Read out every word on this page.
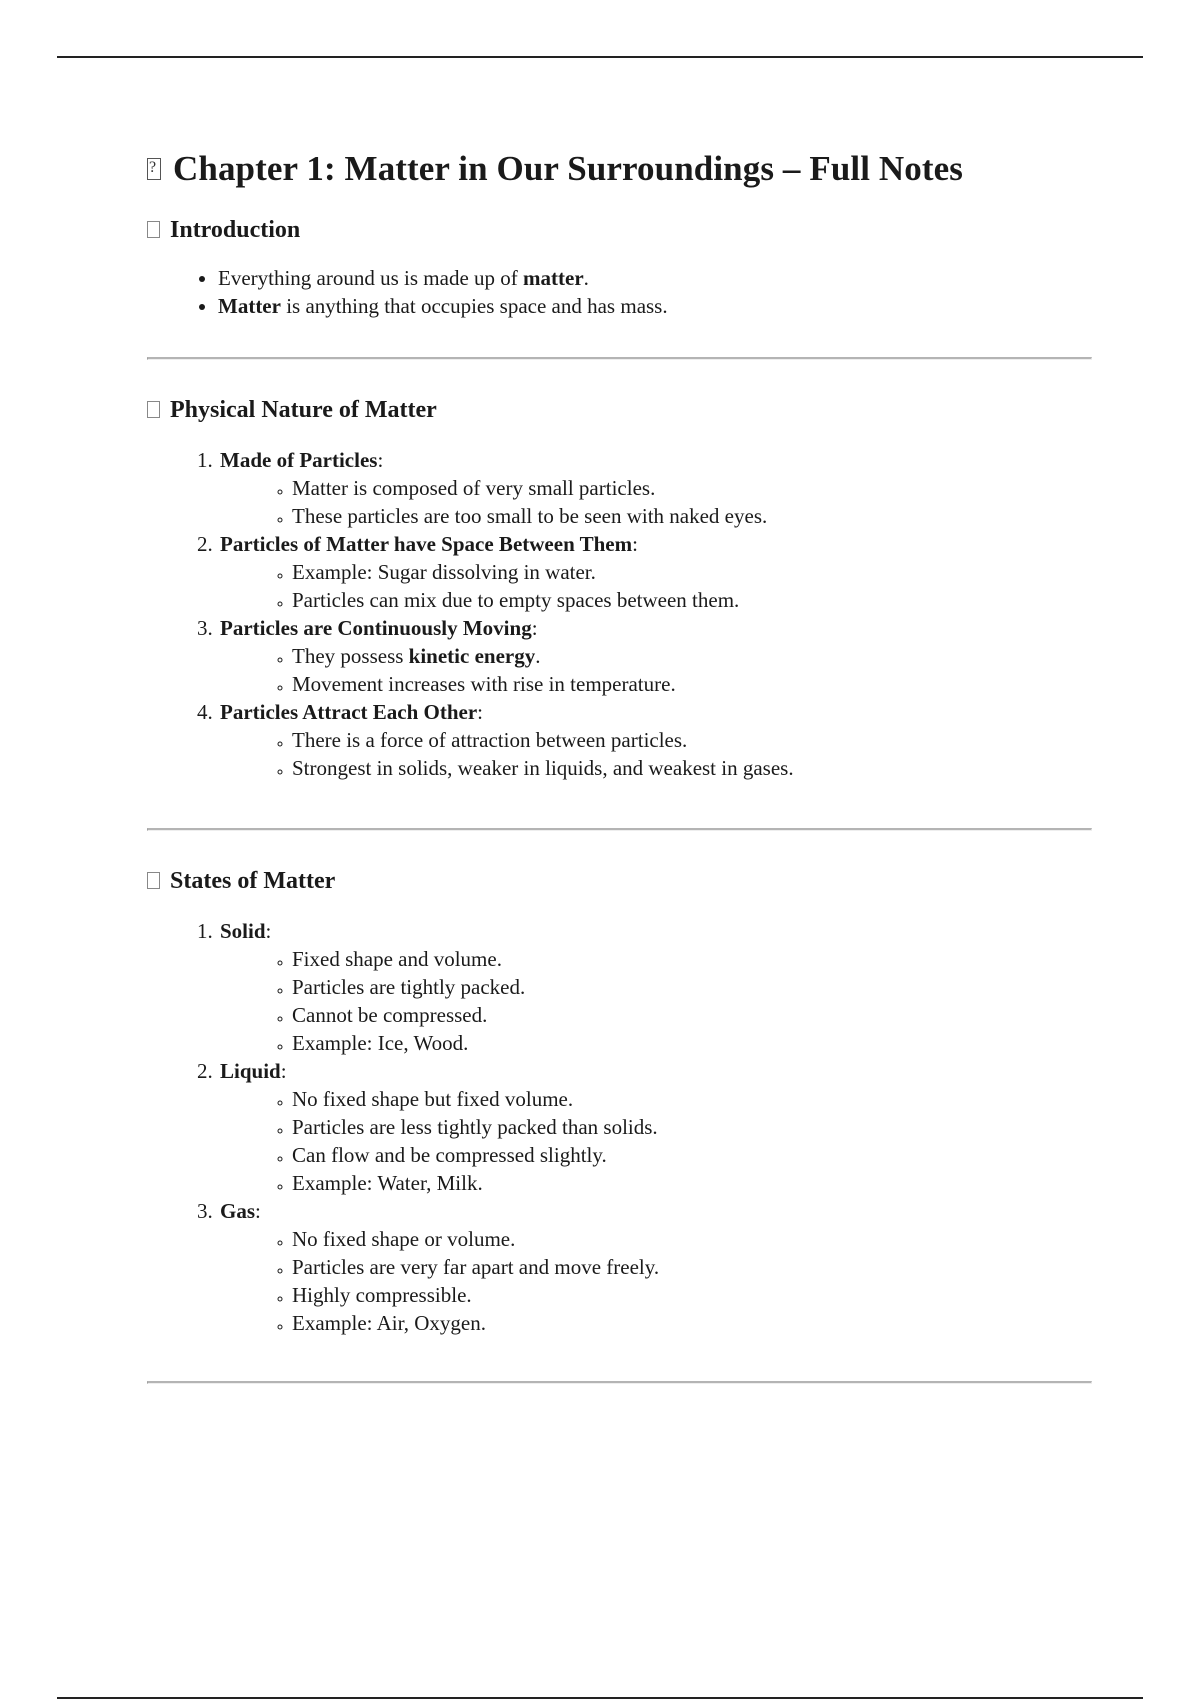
?Chapter 1: Matter in Our Surroundings – Full Notes
Introduction
• Everything around us is made up of matter.
• Matter is anything that occupies space and has mass.
Physical Nature of Matter
1. Made of Particles:
◦ Matter is composed of very small particles.
◦ These particles are too small to be seen with naked eyes.
2. Particles of Matter have Space Between Them:
◦ Example: Sugar dissolving in water.
◦ Particles can mix due to empty spaces between them.
3. Particles are Continuously Moving:
◦ They possess kinetic energy.
◦ Movement increases with rise in temperature.
4. Particles Attract Each Other:
◦ There is a force of attraction between particles.
◦ Strongest in solids, weaker in liquids, and weakest in gases.
States of Matter
1. Solid:
◦ Fixed shape and volume.
◦ Particles are tightly packed.
◦ Cannot be compressed.
◦ Example: Ice, Wood.
2. Liquid:
◦ No fixed shape but fixed volume.
◦ Particles are less tightly packed than solids.
◦ Can flow and be compressed slightly.
◦ Example: Water, Milk.
3. Gas:
◦ No fixed shape or volume.
◦ Particles are very far apart and move freely.
◦ Highly compressible.
◦ Example: Air, Oxygen.
